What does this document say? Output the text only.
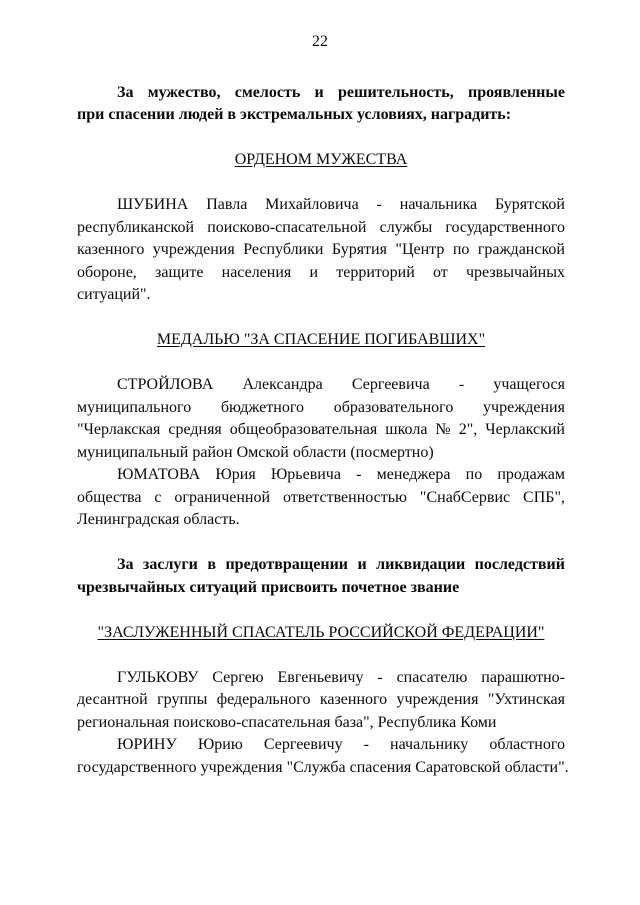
22
За мужество, смелость и решительность, проявленные
при спасении людей в экстремальных условиях, наградить:
ОРДЕНОМ МУЖЕСТВА
ШУБИНА Павла Михайловича - начальника Бурятской
республиканской поисково-спасательной службы государственного
казенного учреждения Республики Бурятия "Центр по гражданской
обороне, защите населения и территорий от чрезвычайных
ситуаций".
МЕДАЛЬЮ "ЗА СПАСЕНИЕ ПОГИБАВШИХ"
СТРОЙЛОВА Александра Сергеевича - учащегося
муниципального бюджетного образовательного учреждения
"Черлакская средняя общеобразовательная школа № 2", Черлакский
муниципальный район Омской области (посмертно)
ЮМАТОВА Юрия Юрьевича - менеджера по продажам
общества с ограниченной ответственностью "СнабСервис СПБ",
Ленинградская область.
За заслуги в предотвращении и ликвидации последствий
чрезвычайных ситуаций присвоить почетное звание
"ЗАСЛУЖЕННЫЙ СПАСАТЕЛЬ РОССИЙСКОЙ ФЕДЕРАЦИИ"
ГУЛЬКОВУ Сергею Евгеньевичу - спасателю парашютно-
десантной группы федерального казенного учреждения "Ухтинская
региональная поисково-спасательная база", Республика Коми
ЮРИНУ Юрию Сергеевичу - начальнику областного
государственного учреждения "Служба спасения Саратовской области".
